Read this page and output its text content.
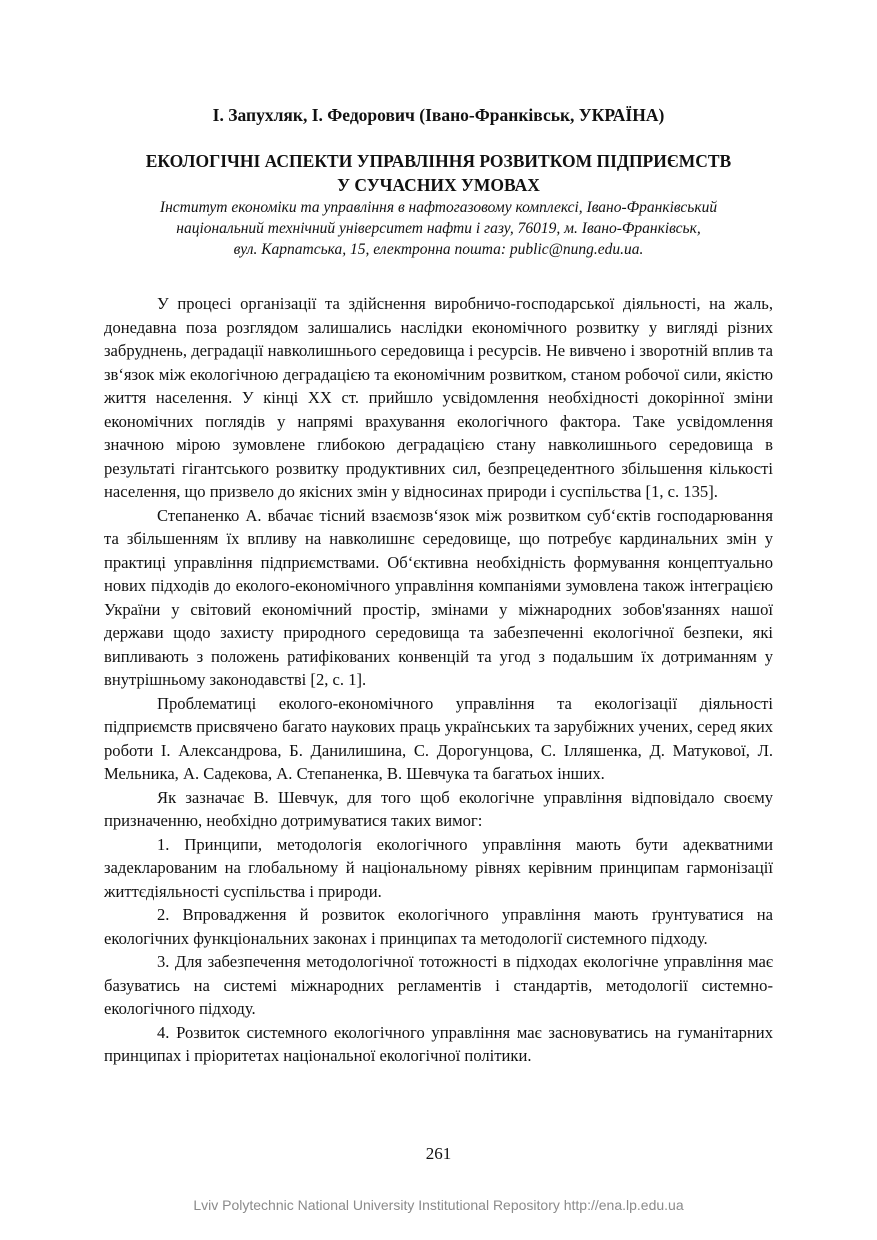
І. Запухляк, І. Федорович (Івано-Франківськ, УКРАЇНА)

ЕКОЛОГІЧНІ АСПЕКТИ УПРАВЛІННЯ РОЗВИТКОМ ПІДПРИЄМСТВ

У СУЧАСНИХ УМОВАХ

Інститут економіки та управління в нафтогазовому комплексі, Івано-Франківський
національний технічний університет нафти і газу, 76019, м. Івано-Франківськ,
вул. Карпатська, 15, електронна пошта: public@nung.edu.ua.

У процесі організації та здійснення виробничо-господарської діяльності, на жаль, донедавна поза розглядом залишались наслідки економічного розвитку у вигляді різних забруднень, деградації навколишнього середовища і ресурсів. Не вивчено і зворотній вплив та зв‘язок між екологічною деградацією та економічним розвитком, станом робочої сили, якістю життя населення. У кінці XX ст. прийшло усвідомлення необхідності докорінної зміни економічних поглядів у напрямі врахування екологічного фактора. Таке усвідомлення значною мірою зумовлене глибокою деградацією стану навколишнього середовища в результаті гігантського розвитку продуктивних сил, безпрецедентного збільшення кількості населення, що призвело до якісних змін у відносинах природи і суспільства [1, с. 135].

Степаненко А. вбачає тісний взаємозв‘язок між розвитком суб‘єктів господарювання та збільшенням їх впливу на навколишнє середовище, що потребує кардинальних змін у практиці управління підприємствами. Об‘єктивна необхідність формування концептуально нових підходів до еколого-економічного управління компаніями зумовлена також інтеграцією України у світовий економічний простір, змінами у міжнародних зобов'язаннях нашої держави щодо захисту природного середовища та забезпеченні екологічної безпеки, які випливають з положень ратифікованих конвенцій та угод з подальшим їх дотриманням у внутрішньому законодавстві [2, с. 1].

Проблематиці еколого-економічного управління та екологізації діяльності підприємств присвячено багато наукових праць українських та зарубіжних учених, серед яких роботи І. Александрова, Б. Данилишина, С. Дорогунцова, С. Ілляшенка, Д. Матукової, Л. Мельника, А. Садекова, А. Степаненка, В. Шевчука та багатьох інших.

Як зазначає В. Шевчук, для того щоб екологічне управління відповідало своєму призначенню, необхідно дотримуватися таких вимог:

1. Принципи, методологія екологічного управління мають бути адекватними задекларованим на глобальному й національному рівнях керівним принципам гармонізації життєдіяльності суспільства і природи.

2. Впровадження й розвиток екологічного управління мають ґрунтуватися на екологічних функціональних законах і принципах та методології системного підходу.

3. Для забезпечення методологічної тотожності в підходах екологічне управління має базуватись на системі міжнародних регламентів і стандартів, методології системно-екологічного підходу.

4. Розвиток системного екологічного управління має засновуватись на гуманітарних принципах і пріоритетах національної екологічної політики.

261
Lviv Polytechnic National University Institutional Repository http://ena.lp.edu.ua
